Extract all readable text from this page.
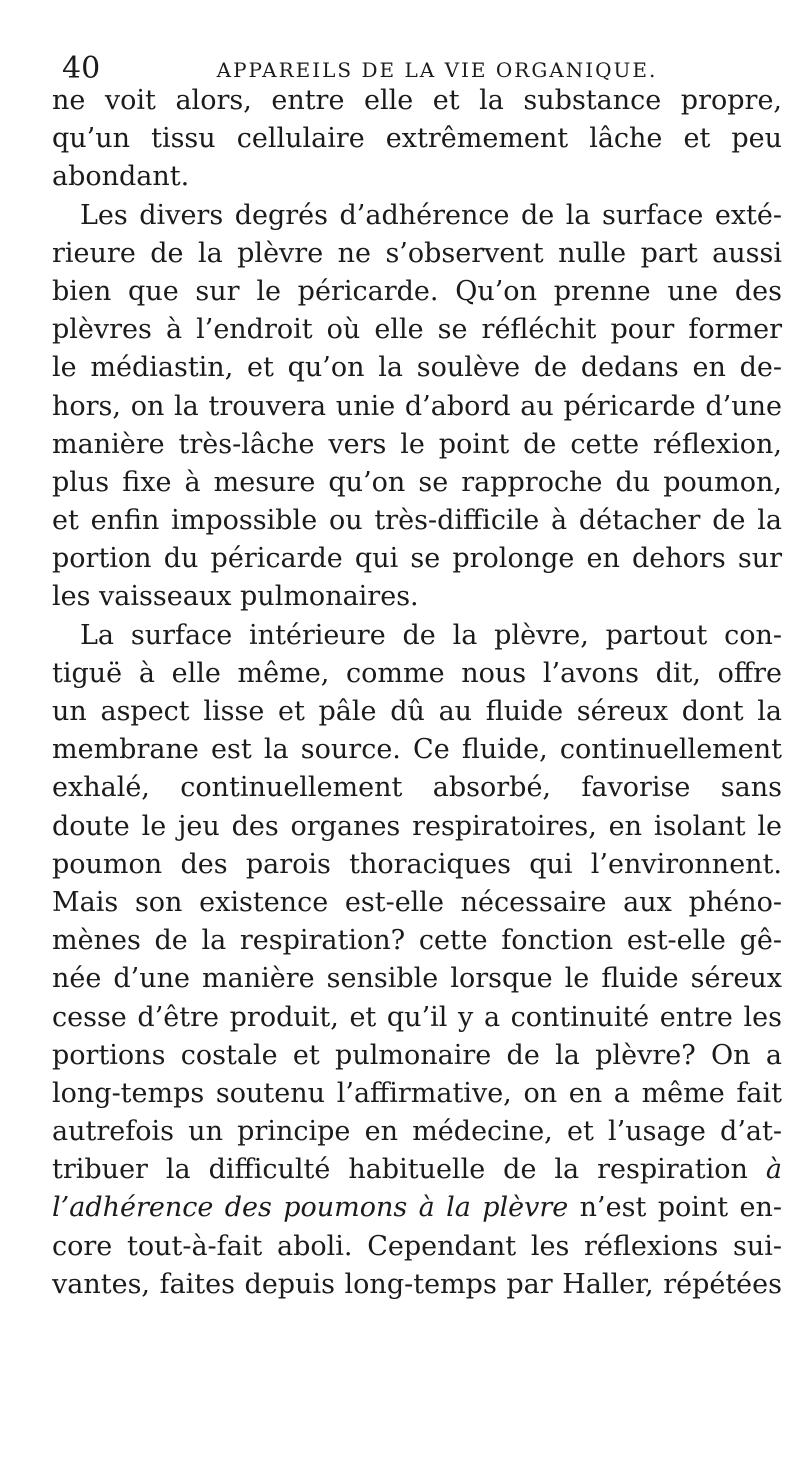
40	APPAREILS DE LA VIE ORGANIQUE.
ne voit alors, entre elle et la substance propre,
qu’un tissu cellulaire extrêmement lâche et peu
abondant.
Les divers degrés d’adhérence de la surface exté-
rieure de la plèvre ne s’observent nulle part aussi
bien que sur le péricarde. Qu’on prenne une des
plèvres à l’endroit où elle se réfléchit pour former
le médiastin, et qu’on la soulève de dedans en de-
hors, on la trouvera unie d’abord au péricarde d’une
manière très-lâche vers le point de cette réflexion,
plus fixe à mesure qu’on se rapproche du poumon,
et enfin impossible ou très-difficile à détacher de la
portion du péricarde qui se prolonge en dehors sur
les vaisseaux pulmonaires.
La surface intérieure de la plèvre, partout con-
tiguë à elle même, comme nous l’avons dit, offre
un aspect lisse et pâle dû au fluide séreux dont la
membrane est la source. Ce fluide, continuellement
exhalé, continuellement absorbé, favorise sans
doute le jeu des organes respiratoires, en isolant le
poumon des parois thoraciques qui l’environnent.
Mais son existence est-elle nécessaire aux phéno-
mènes de la respiration? cette fonction est-elle gê-
née d’une manière sensible lorsque le fluide séreux
cesse d’être produit, et qu’il y a continuité entre les
portions costale et pulmonaire de la plèvre? On a
long-temps soutenu l’affirmative, on en a même fait
autrefois un principe en médecine, et l’usage d’at-
tribuer la difficulté habituelle de la respiration à
l’adhérence des poumons à la plèvre n’est point en-
core tout-à-fait aboli. Cependant les réflexions sui-
vantes, faites depuis long-temps par Haller, répétées
